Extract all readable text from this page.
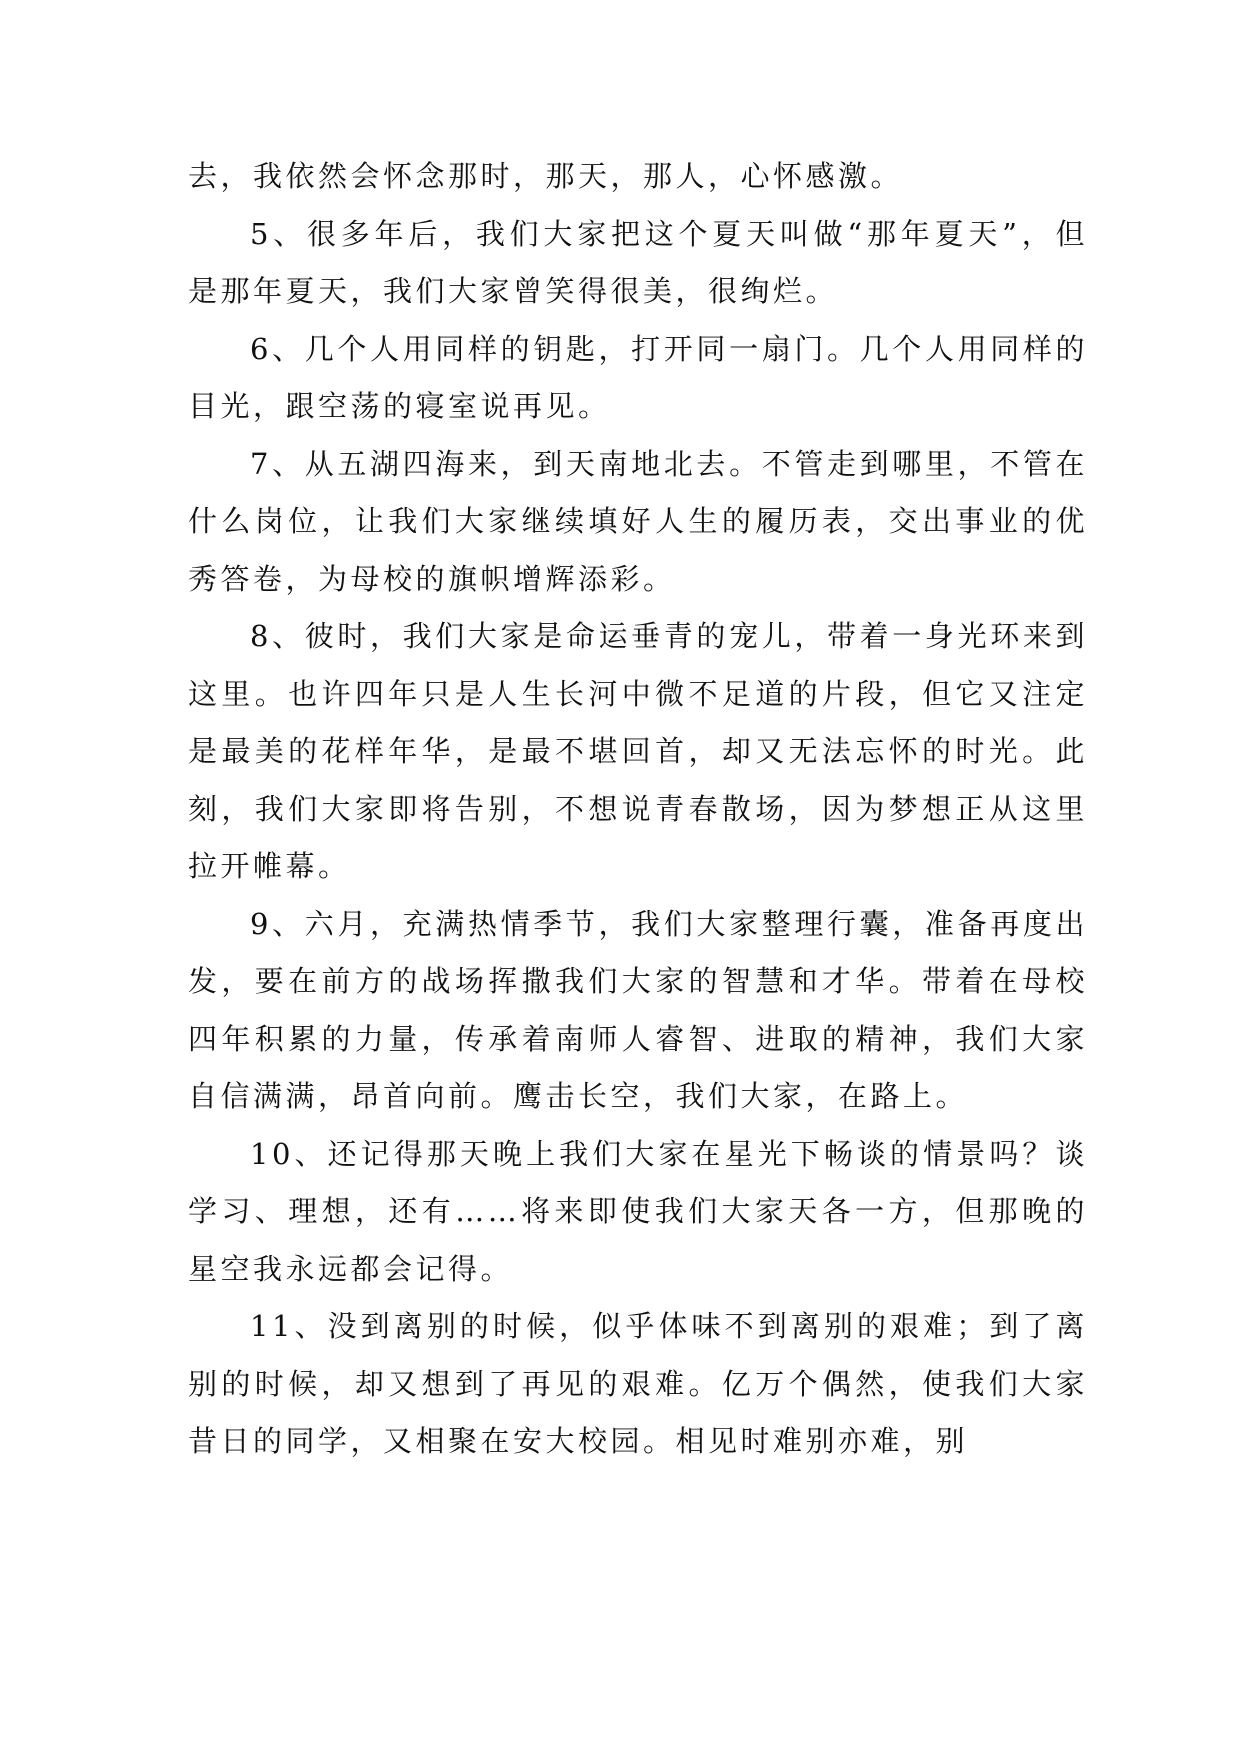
去，我依然会怀念那时，那天，那人，心怀感激。

5、很多年后，我们大家把这个夏天叫做“那年夏天”，但是那年夏天，我们大家曾笑得很美，很绚烂。

6、几个人用同样的钥匙，打开同一扇门。几个人用同样的目光，跟空荡的寝室说再见。

7、从五湖四海来，到天南地北去。不管走到哪里，不管在什么岗位，让我们大家继续填好人生的履历表，交出事业的优秀答卷，为母校的旗帜增辉添彩。

8、彼时，我们大家是命运垂青的宠儿，带着一身光环来到这里。也许四年只是人生长河中微不足道的片段，但它又注定是最美的花样年华，是最不堪回首，却又无法忘怀的时光。此刻，我们大家即将告别，不想说青春散场，因为梦想正从这里拉开帷幕。

9、六月，充满热情季节，我们大家整理行囊，准备再度出发，要在前方的战场挥撒我们大家的智慧和才华。带着在母校四年积累的力量，传承着南师人睿智、进取的精神，我们大家自信满满，昂首向前。鹰击长空，我们大家，在路上。

10、还记得那天晚上我们大家在星光下畅谈的情景吗？谈学习、理想，还有……将来即使我们大家天各一方，但那晚的星空我永远都会记得。

11、没到离别的时候，似乎体味不到离别的艰难；到了离别的时候，却又想到了再见的艰难。亿万个偶然，使我们大家昔日的同学，又相聚在安大校园。相见时难别亦难，别
